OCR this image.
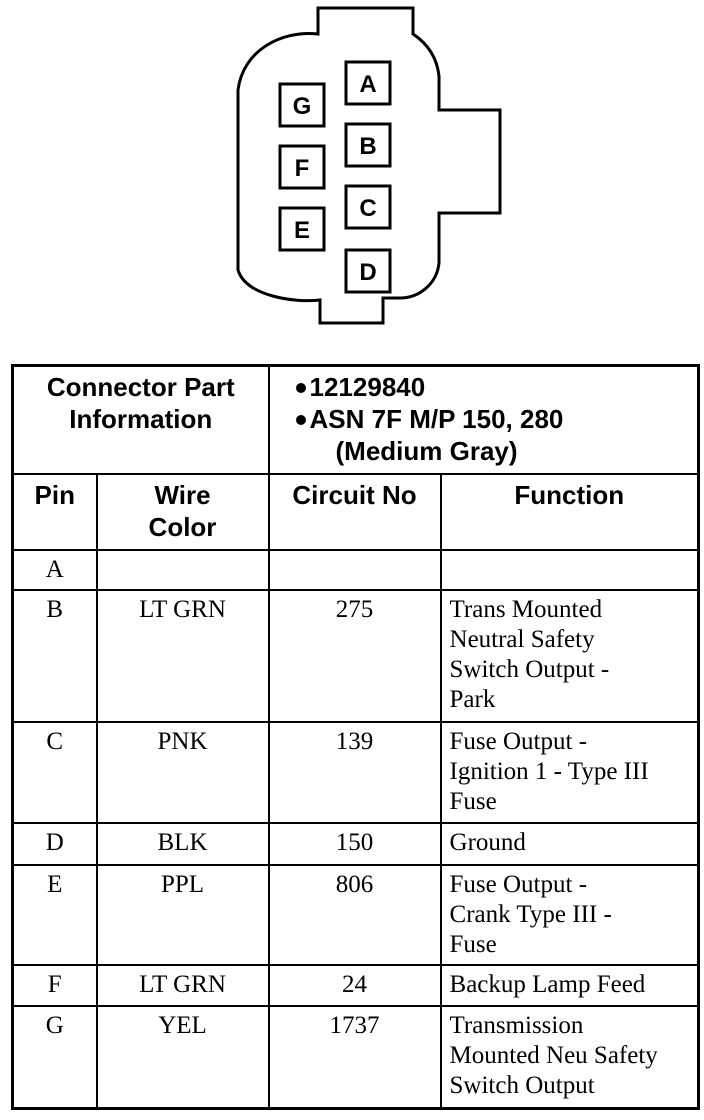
A
B
C
D
G
F
E
Connector Part Information		12129840
ASN 7F M/P 150, 280
(Medium Gray)	

Pin	Wire Color	Circuit No	Function
A			
B	LT GRN	275	Trans Mounted
Neutral Safety
Switch Output -
Park
C	PNK	139	Fuse Output -
Ignition 1 - Type III
Fuse
D	BLK	150	Ground
E	PPL	806	Fuse Output -
Crank Type III -
Fuse
F	LT GRN	24	Backup Lamp Feed
G	YEL	1737	Transmission
Mounted Neu Safety
Switch Output
